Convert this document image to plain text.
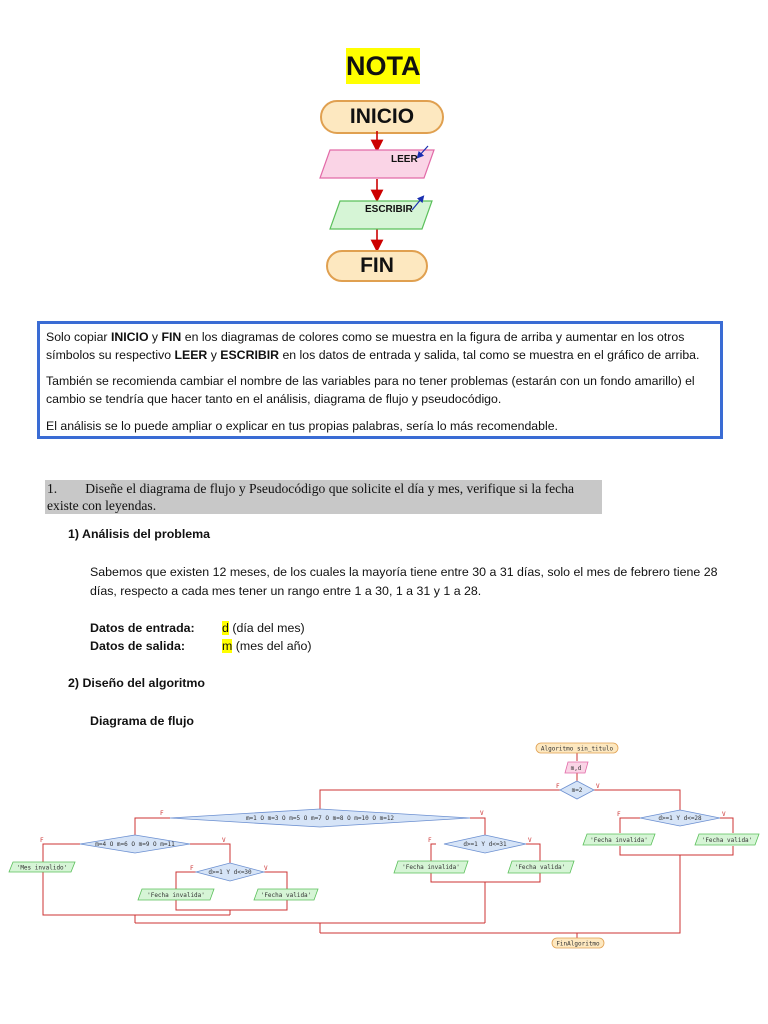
NOTA
INICIO
LEER
ESCRIBIR
FIN

Solo copiar INICIO y FIN en los diagramas de colores como se muestra en la figura de arriba y aumentar en los otros símbolos su respectivo LEER y ESCRIBIR en los datos de entrada y salida, tal como se muestra en el gráfico de arriba.

También se recomienda cambiar el nombre de las variables para no tener problemas (estarán con un fondo amarillo) el cambio se tendría que hacer tanto en el análisis, diagrama de flujo y pseudocódigo.

El análisis se lo puede ampliar o explicar en tus propias palabras, sería lo más recomendable.

1. Diseñe el diagrama de flujo y Pseudocódigo que solicite el día y mes, verifique si la fecha
existe con leyendas.
1) Análisis del problema
Sabemos que existen 12 meses, de los cuales la mayoría tiene entre 30 a 31 días, solo el mes de febrero tiene 28 días, respecto a cada mes tener un rango entre 1 a 30, 1 a 31 y 1 a 28.
Datos de entrada: d (día del mes)
Datos de salida:	m (mes del año)
2) Diseño del algoritmo
Diagrama de flujo
Algoritmo sin_titulo
m,d
m=2
F	V
m=1 O m=3 O m=5 O m=7 O m=8 O m=10 O m=12
F	V
m=4 O m=6 O m=9 O m=11
F	V
'Mes invalido'
d>=1 Y d<=30
F	V
'Fecha invalida'	'Fecha valida'
d>=1 Y d<=31
F	V
'Fecha invalida'	'Fecha valida'
d>=1 Y d<=28
F	V
'Fecha invalida'	'Fecha valida'
FinAlgoritmo
